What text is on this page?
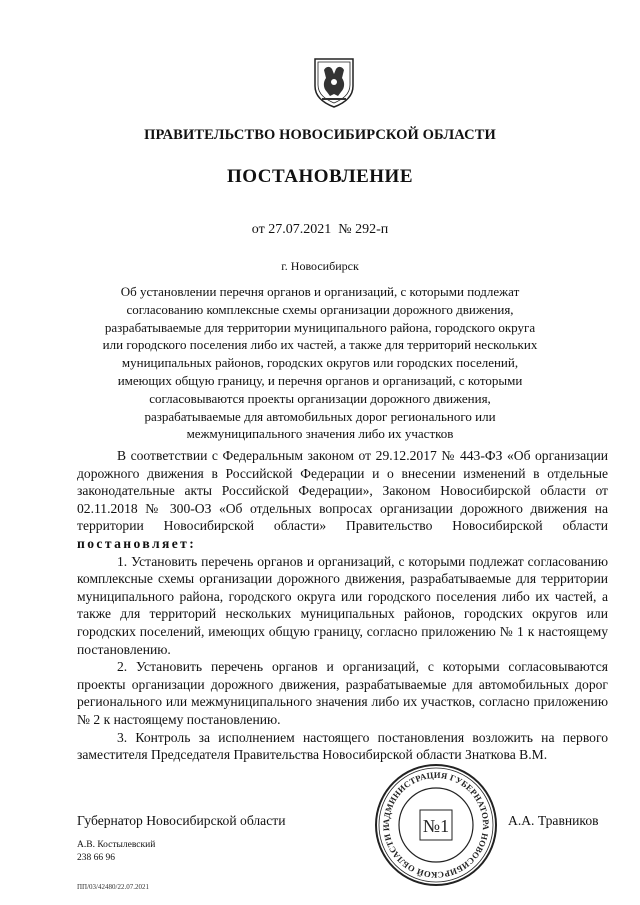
ПРАВИТЕЛЬСТВО НОВОСИБИРСКОЙ ОБЛАСТИ
ПОСТАНОВЛЕНИЕ
от 27.07.2021 № 292-п
г. Новосибирск
Об установлении перечня органов и организаций, с которыми подлежат согласованию комплексные схемы организации дорожного движения, разрабатываемые для территории муниципального района, городского округа или городского поселения либо их частей, а также для территорий нескольких муниципальных районов, городских округов или городских поселений, имеющих общую границу, и перечня органов и организаций, с которыми согласовываются проекты организации дорожного движения, разрабатываемые для автомобильных дорог регионального или межмуниципального значения либо их участков

В соответствии с Федеральным законом от 29.12.2017 № 443-ФЗ «Об организации дорожного движения в Российской Федерации и о внесении изменений в отдельные законодательные акты Российской Федерации», Законом Новосибирской области от 02.11.2018 № 300-ОЗ «Об отдельных вопросах организации дорожного движения на территории Новосибирской области» Правительство Новосибирской области постановляет:

1. Установить перечень органов и организаций, с которыми подлежат согласованию комплексные схемы организации дорожного движения, разрабатываемые для территории муниципального района, городского округа или городского поселения либо их частей, а также для территорий нескольких муниципальных районов, городских округов или городских поселений, имеющих общую границу, согласно приложению № 1 к настоящему постановлению.

2. Установить перечень органов и организаций, с которыми согласовываются проекты организации дорожного движения, разрабатываемые для автомобильных дорог регионального или межмуниципального значения либо их участков, согласно приложению № 2 к настоящему постановлению.

3. Контроль за исполнением настоящего постановления возложить на первого заместителя Председателя Правительства Новосибирской области Знаткова В.М.

Губернатор Новосибирской области	А.А. Травников
АДМИНИСТРАЦИЯ ГУБЕРНАТОРА НОВОСИБИРСКОЙ ОБЛАСТИ И	№1
А.В. Костылевский
238 66 96
ПП/03/42480/22.07.2021
